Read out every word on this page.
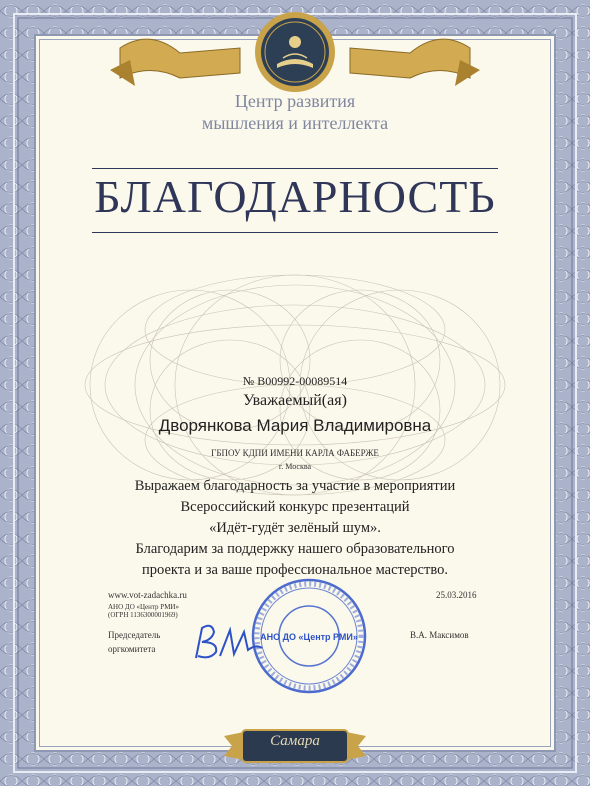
Центр развития
мышления и интеллекта
БЛАГОДАРНОСТЬ
№ В00992-00089514
Уважаемый(ая)
Дворянкова Мария Владимировна
ГБПОУ КДПИ ИМЕНИ КАРЛА ФАБЕРЖЕ
г. Москва
Выражаем благодарность за участие в мероприятии
Всероссийский конкурс презентаций
«Идёт-гудёт зелёный шум».
Благодарим за поддержку нашего образовательного
проекта и за ваше профессиональное мастерство.
www.vot-zadachka.ru
АНО ДО «Центр РМИ»
(ОГРН 1136300001969)
25.03.2016
Председатель
оргкомитета
В.А. Максимов
АНО ДО «Центр РМИ»
Самара
